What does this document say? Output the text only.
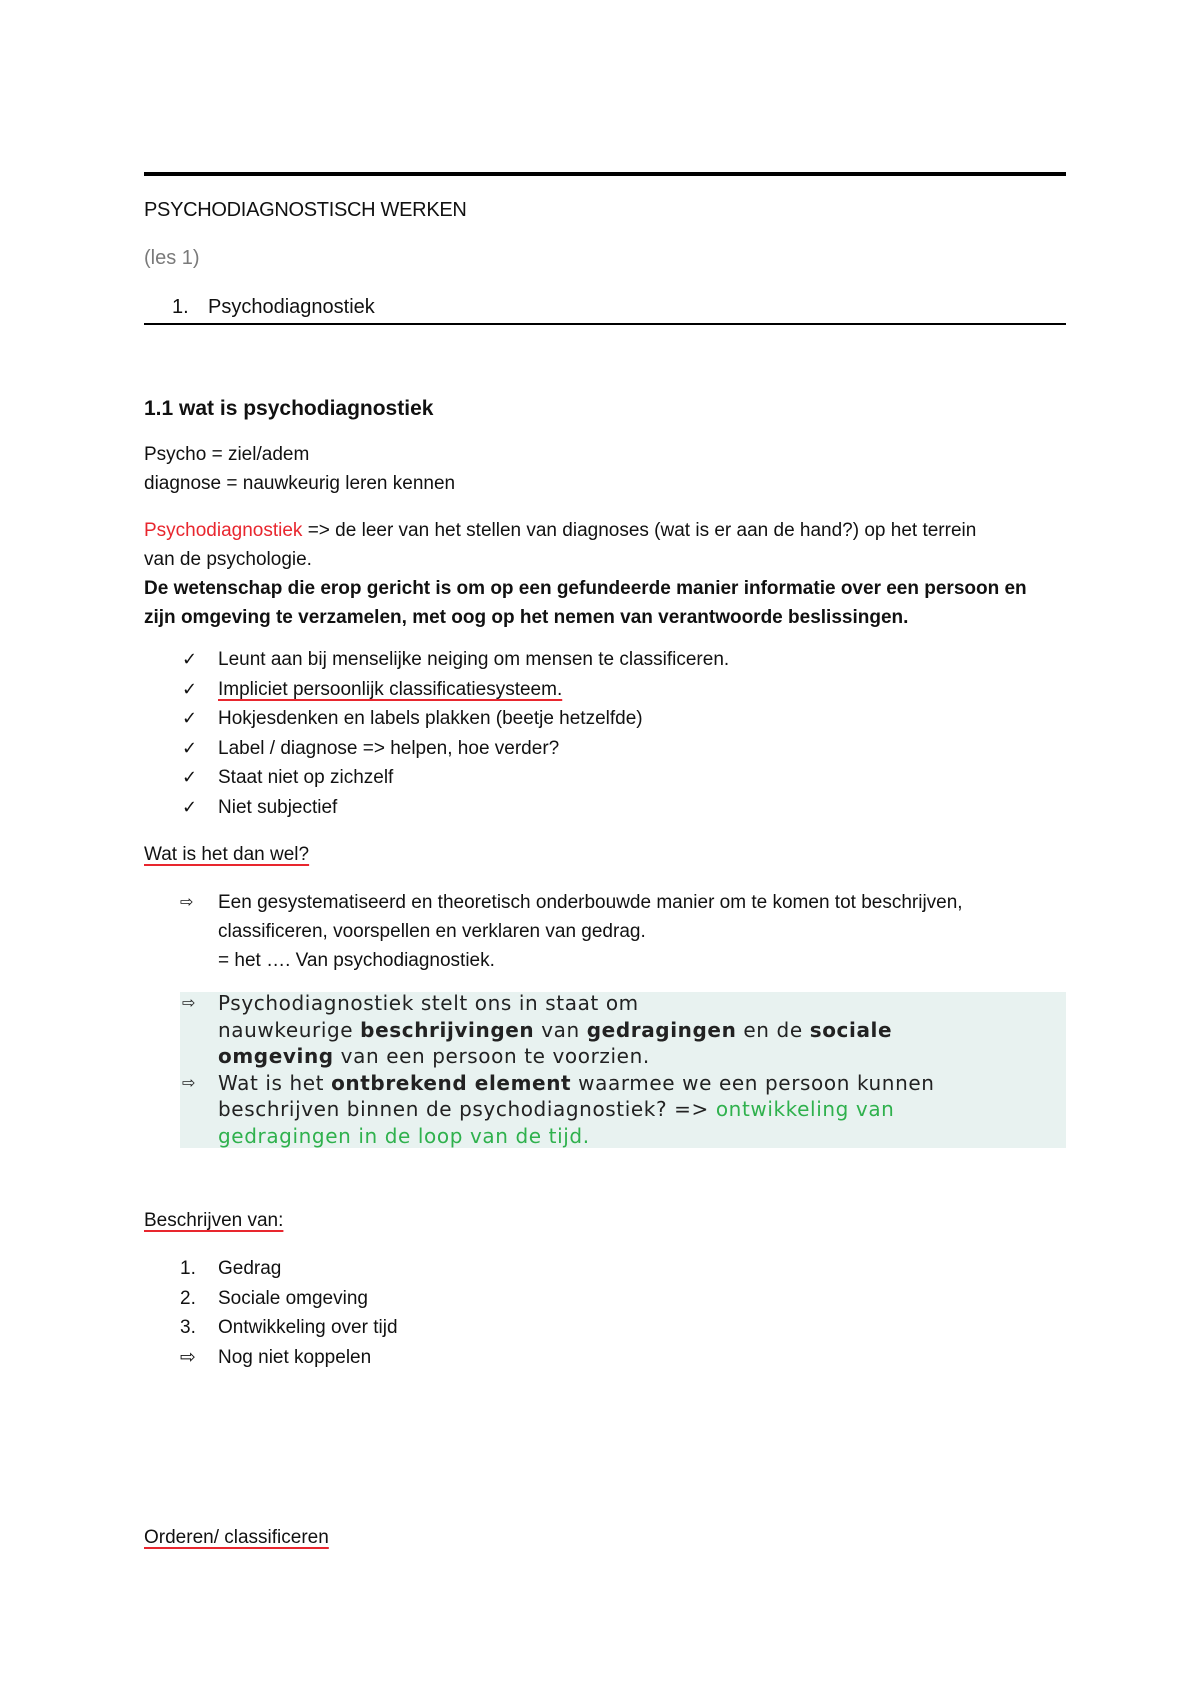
PSYCHODIAGNOSTISCH WERKEN
(les 1)
1. Psychodiagnostiek
1.1 wat is psychodiagnostiek
Psycho = ziel/adem
diagnose = nauwkeurig leren kennen
Psychodiagnostiek => de leer van het stellen van diagnoses (wat is er aan de hand?) op het terrein
van de psychologie.
De wetenschap die erop gericht is om op een gefundeerde manier informatie over een persoon en
zijn omgeving te verzamelen, met oog op het nemen van verantwoorde beslissingen.
✓ Leunt aan bij menselijke neiging om mensen te classificeren.
✓ Impliciet persoonlijk classificatiesysteem.
✓ Hokjesdenken en labels plakken (beetje hetzelfde)
✓ Label / diagnose => helpen, hoe verder?
✓ Staat niet op zichzelf
✓ Niet subjectief
Wat is het dan wel?
⇨ Een gesystematiseerd en theoretisch onderbouwde manier om te komen tot beschrijven,
classificeren, voorspellen en verklaren van gedrag.
= het …. Van psychodiagnostiek.
⇨ Psychodiagnostiek stelt ons in staat om
nauwkeurige beschrijvingen van gedragingen en de sociale
omgeving van een persoon te voorzien.
⇨ Wat is het ontbrekend element waarmee we een persoon kunnen
beschrijven binnen de psychodiagnostiek? => ontwikkeling van
gedragingen in de loop van de tijd.
Beschrijven van:
1. Gedrag
2. Sociale omgeving
3. Ontwikkeling over tijd
⇨ Nog niet koppelen
Orderen/ classificeren
